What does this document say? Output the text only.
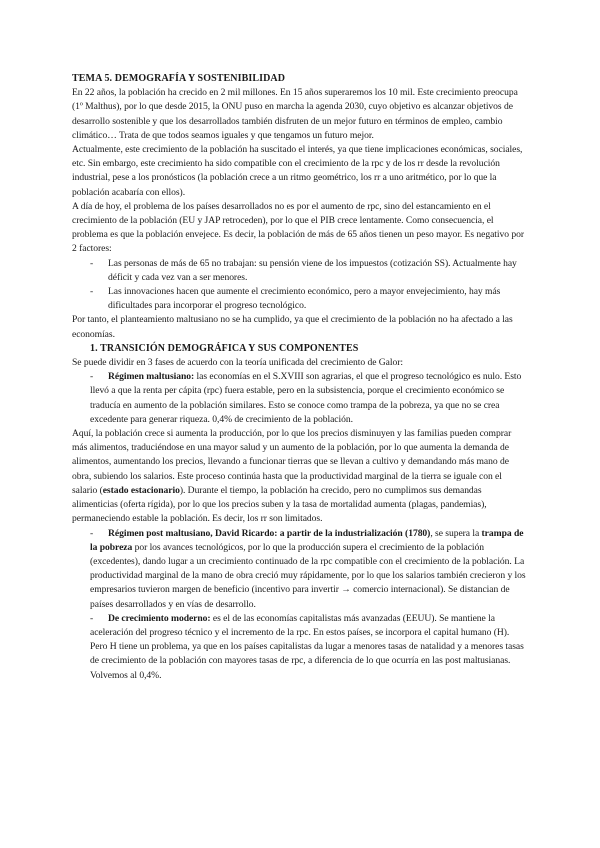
TEMA 5. DEMOGRAFÍA Y SOSTENIBILIDAD

En 22 años, la población ha crecido en 2 mil millones. En 15 años superaremos los 10 mil. Este crecimiento preocupa (1º Malthus), por lo que desde 2015, la ONU puso en marcha la agenda 2030, cuyo objetivo es alcanzar objetivos de desarrollo sostenible y que los desarrollados también disfruten de un mejor futuro en términos de empleo, cambio climático… Trata de que todos seamos iguales y que tengamos un futuro mejor.

Actualmente, este crecimiento de la población ha suscitado el interés, ya que tiene implicaciones económicas, sociales, etc. Sin embargo, este crecimiento ha sido compatible con el crecimiento de la rpc y de los rr desde la revolución industrial, pese a los pronósticos (la población crece a un ritmo geométrico, los rr a uno aritmético, por lo que la población acabaría con ellos).

A día de hoy, el problema de los países desarrollados no es por el aumento de rpc, sino del estancamiento en el crecimiento de la población (EU y JAP retroceden), por lo que el PIB crece lentamente. Como consecuencia, el problema es que la población envejece. Es decir, la población de más de 65 años tienen un peso mayor. Es negativo por 2 factores:

- Las personas de más de 65 no trabajan: su pensión viene de los impuestos (cotización SS). Actualmente hay déficit y cada vez van a ser menores.
- Las innovaciones hacen que aumente el crecimiento económico, pero a mayor envejecimiento, hay más dificultades para incorporar el progreso tecnológico.

Por tanto, el planteamiento maltusiano no se ha cumplido, ya que el crecimiento de la población no ha afectado a las economías.

1. TRANSICIÓN DEMOGRÁFICA Y SUS COMPONENTES

Se puede dividir en 3 fases de acuerdo con la teoría unificada del crecimiento de Galor:

- Régimen maltusiano: las economías en el S.XVIII son agrarias, el que el progreso tecnológico es nulo. Esto llevó a que la renta per cápita (rpc) fuera estable, pero en la subsistencia, porque el crecimiento económico se traducía en aumento de la población similares. Esto se conoce como trampa de la pobreza, ya que no se crea excedente para generar riqueza. 0,4% de crecimiento de la población.

Aquí, la población crece si aumenta la producción, por lo que los precios disminuyen y las familias pueden comprar más alimentos, traduciéndose en una mayor salud y un aumento de la población, por lo que aumenta la demanda de alimentos, aumentando los precios, llevando a funcionar tierras que se llevan a cultivo y demandando más mano de obra, subiendo los salarios. Este proceso continúa hasta que la productividad marginal de la tierra se iguale con el salario (estado estacionario). Durante el tiempo, la población ha crecido, pero no cumplimos sus demandas alimenticias (oferta rígida), por lo que los precios suben y la tasa de mortalidad aumenta (plagas, pandemias), permaneciendo estable la población. Es decir, los rr son limitados.

- Régimen post maltusiano, David Ricardo: a partir de la industrialización (1780), se supera la trampa de la pobreza por los avances tecnológicos, por lo que la producción supera el crecimiento de la población (excedentes), dando lugar a un crecimiento continuado de la rpc compatible con el crecimiento de la población. La productividad marginal de la mano de obra creció muy rápidamente, por lo que los salarios también crecieron y los empresarios tuvieron margen de beneficio (incentivo para invertir → comercio internacional). Se distancian de países desarrollados y en vías de desarrollo.

- De crecimiento moderno: es el de las economías capitalistas más avanzadas (EEUU). Se mantiene la aceleración del progreso técnico y el incremento de la rpc. En estos países, se incorpora el capital humano (H). Pero H tiene un problema, ya que en los países capitalistas da lugar a menores tasas de natalidad y a menores tasas de crecimiento de la población con mayores tasas de rpc, a diferencia de lo que ocurría en las post maltusianas. Volvemos al 0,4%.
